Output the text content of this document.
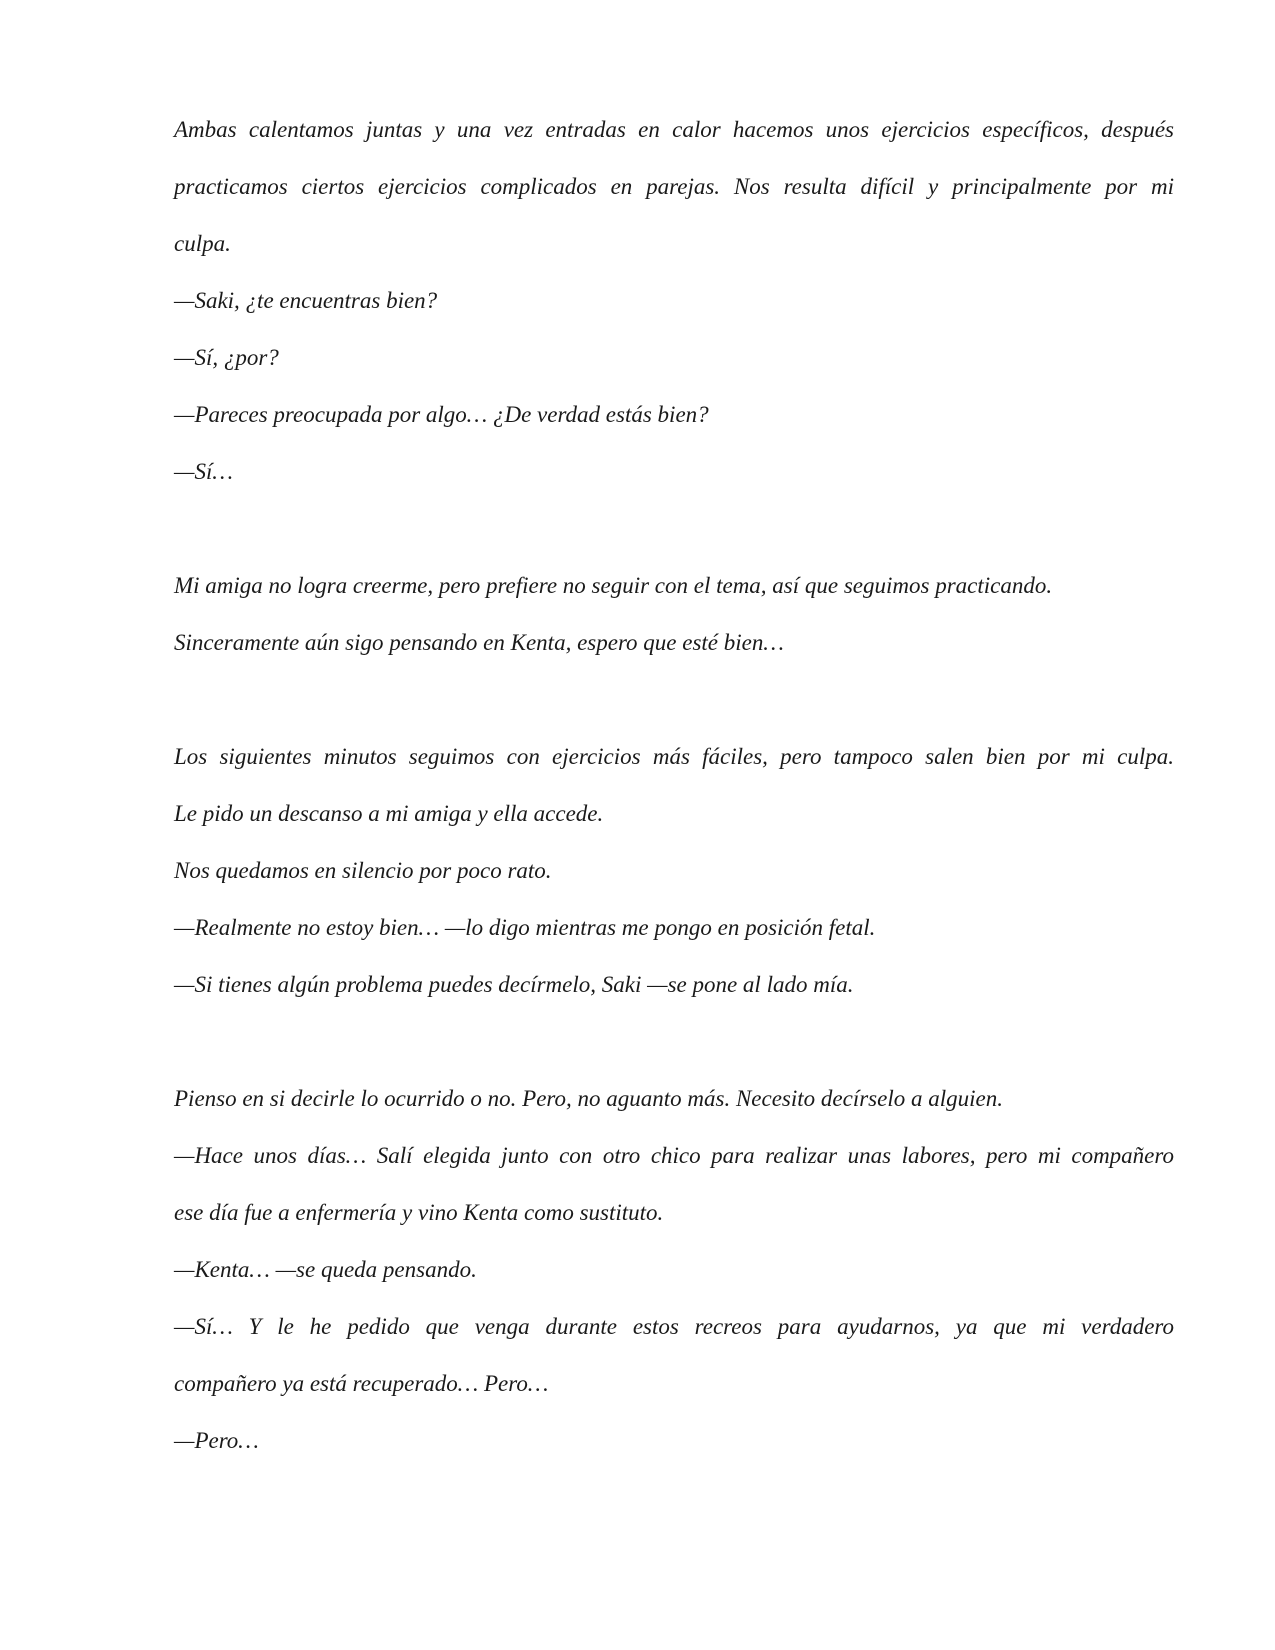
Ambas calentamos juntas y una vez entradas en calor hacemos unos ejercicios específicos, después
practicamos ciertos ejercicios complicados en parejas. Nos resulta difícil y principalmente por mi
culpa.
—Saki, ¿te encuentras bien?
—Sí, ¿por?
—Pareces preocupada por algo… ¿De verdad estás bien?
—Sí…
Mi amiga no logra creerme, pero prefiere no seguir con el tema, así que seguimos practicando.
Sinceramente aún sigo pensando en Kenta, espero que esté bien…
Los siguientes minutos seguimos con ejercicios más fáciles, pero tampoco salen bien por mi culpa.
Le pido un descanso a mi amiga y ella accede.
Nos quedamos en silencio por poco rato.
—Realmente no estoy bien… —lo digo mientras me pongo en posición fetal.
—Si tienes algún problema puedes decírmelo, Saki —se pone al lado mía.
Pienso en si decirle lo ocurrido o no. Pero, no aguanto más. Necesito decírselo a alguien.
—Hace unos días… Salí elegida junto con otro chico para realizar unas labores, pero mi compañero
ese día fue a enfermería y vino Kenta como sustituto.
—Kenta… —se queda pensando.
—Sí… Y le he pedido que venga durante estos recreos para ayudarnos, ya que mi verdadero
compañero ya está recuperado… Pero…
—Pero…
